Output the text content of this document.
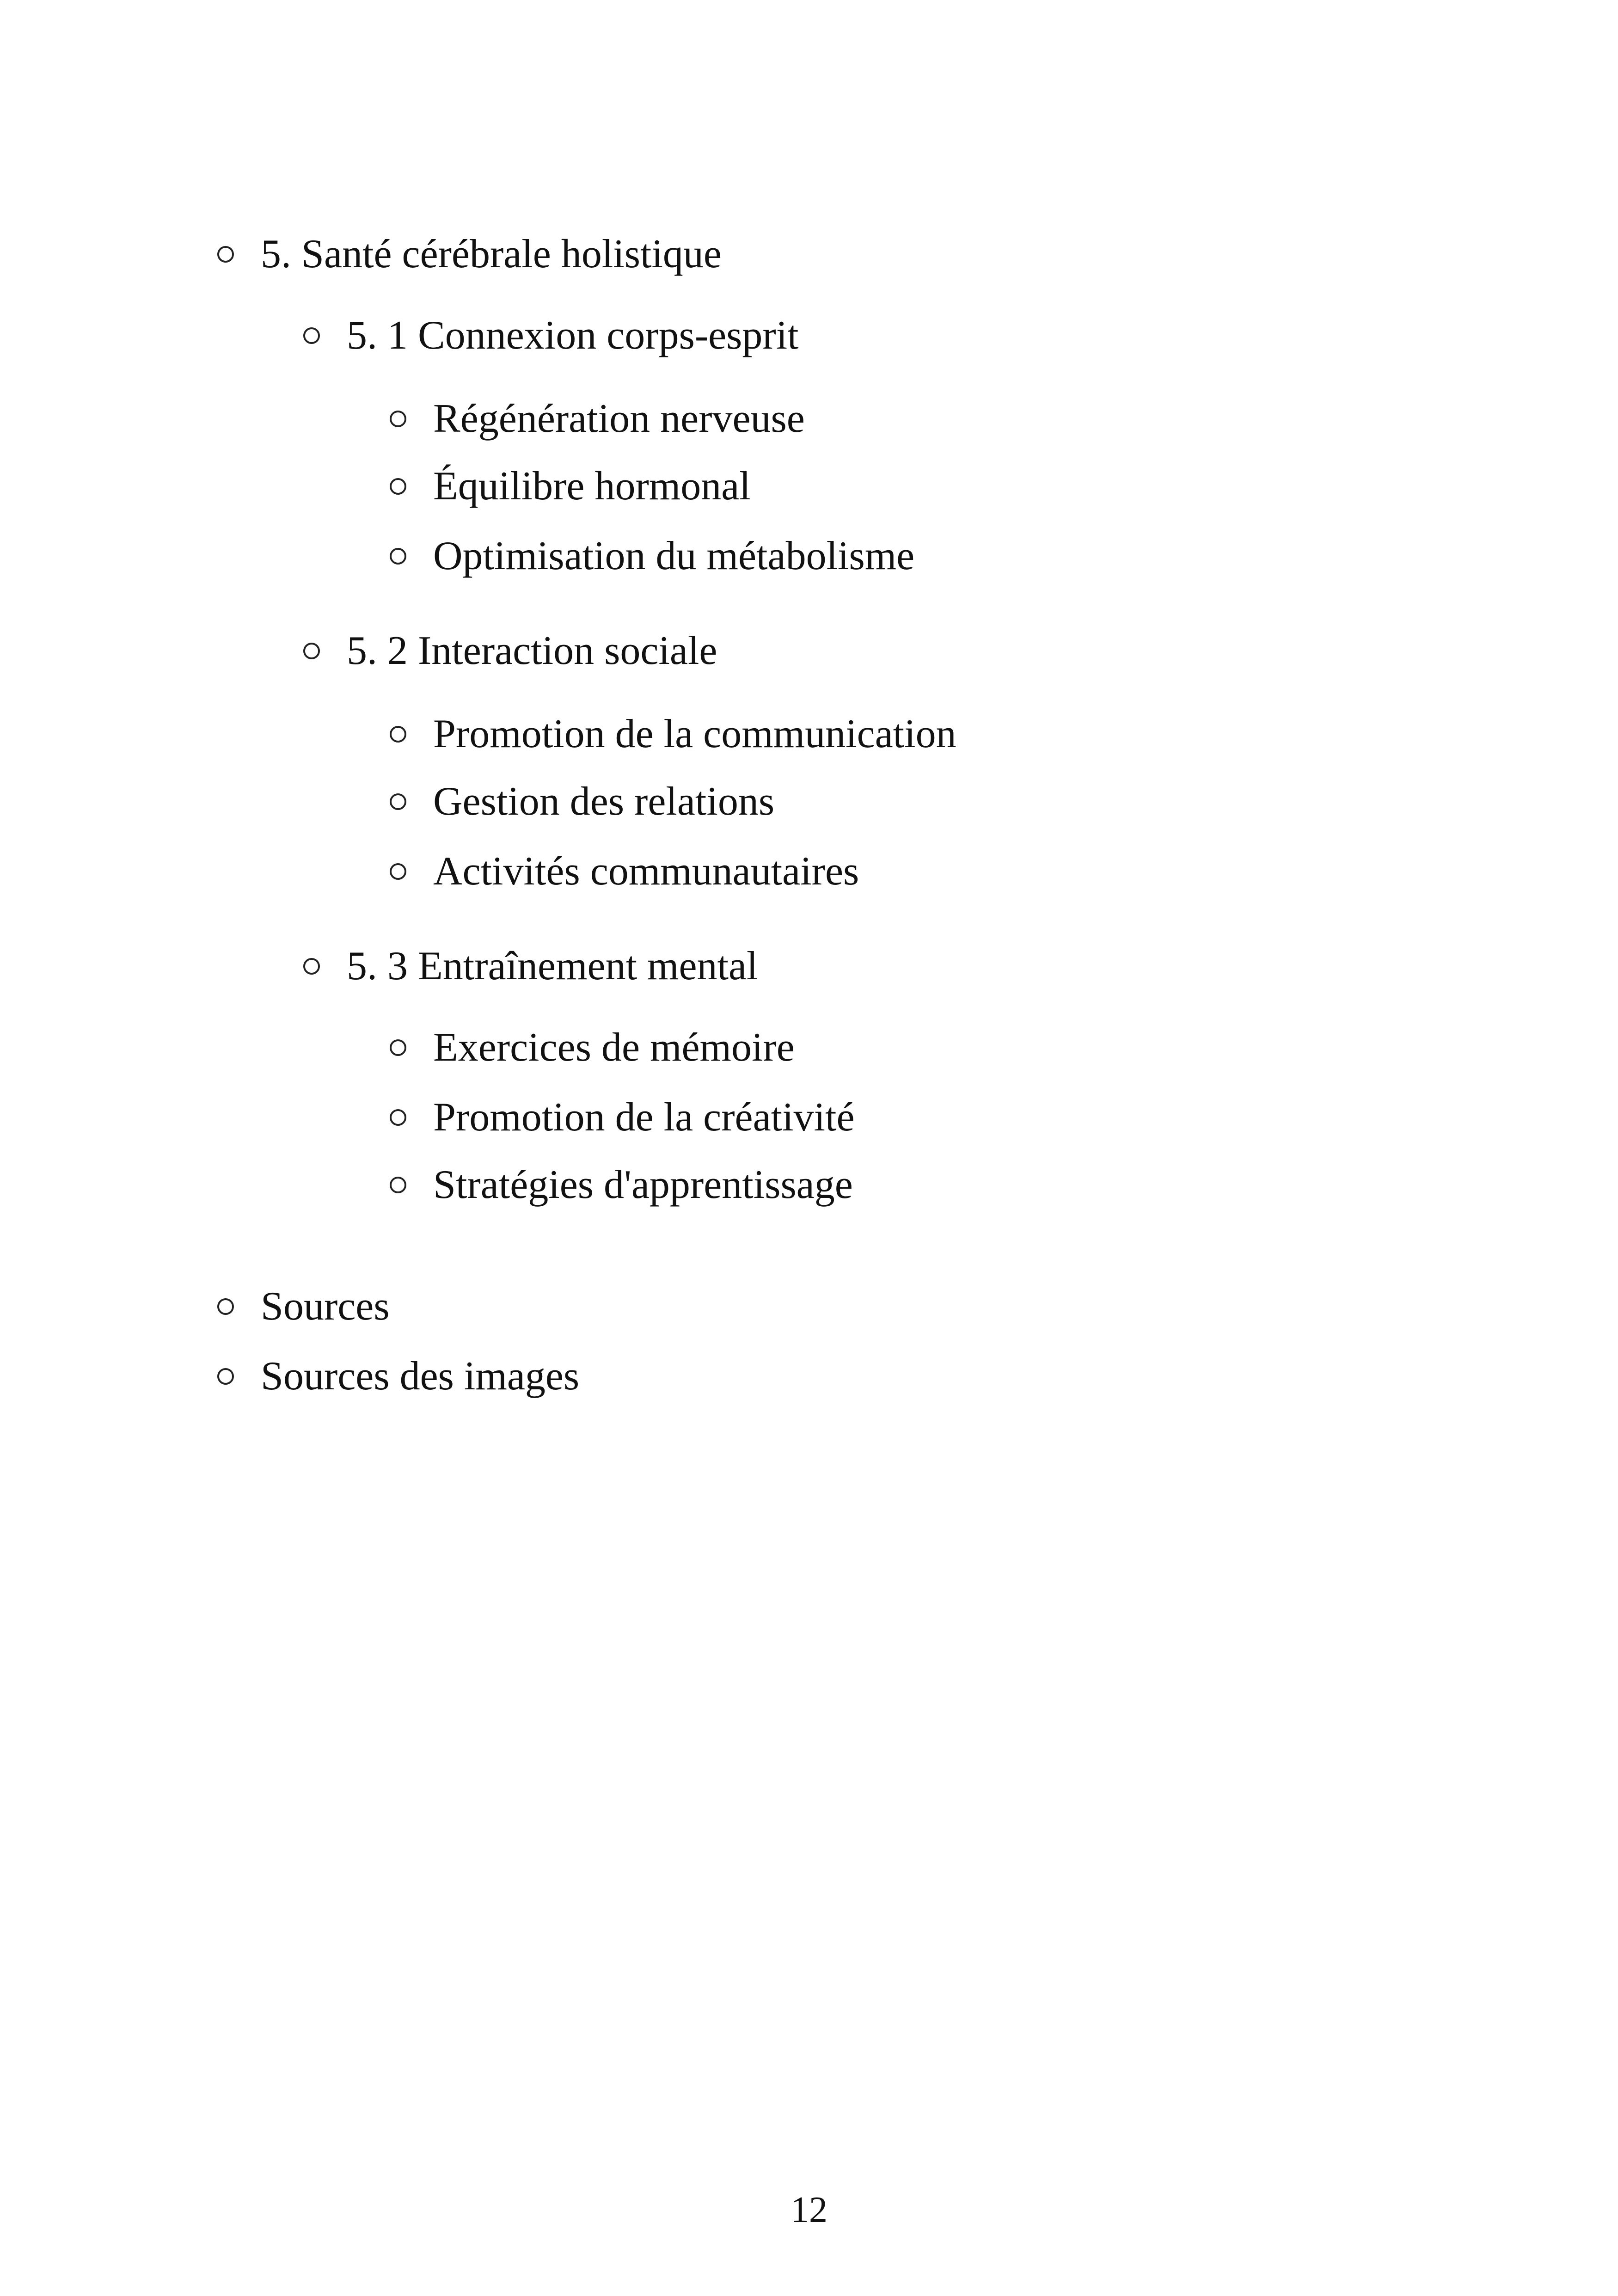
5. Santé cérébrale holistique
5. 1 Connexion corps-esprit
Régénération nerveuse
Équilibre hormonal
Optimisation du métabolisme
5. 2 Interaction sociale
Promotion de la communication
Gestion des relations
Activités communautaires
5. 3 Entraînement mental
Exercices de mémoire
Promotion de la créativité
Stratégies d'apprentissage
Sources
Sources des images
12
